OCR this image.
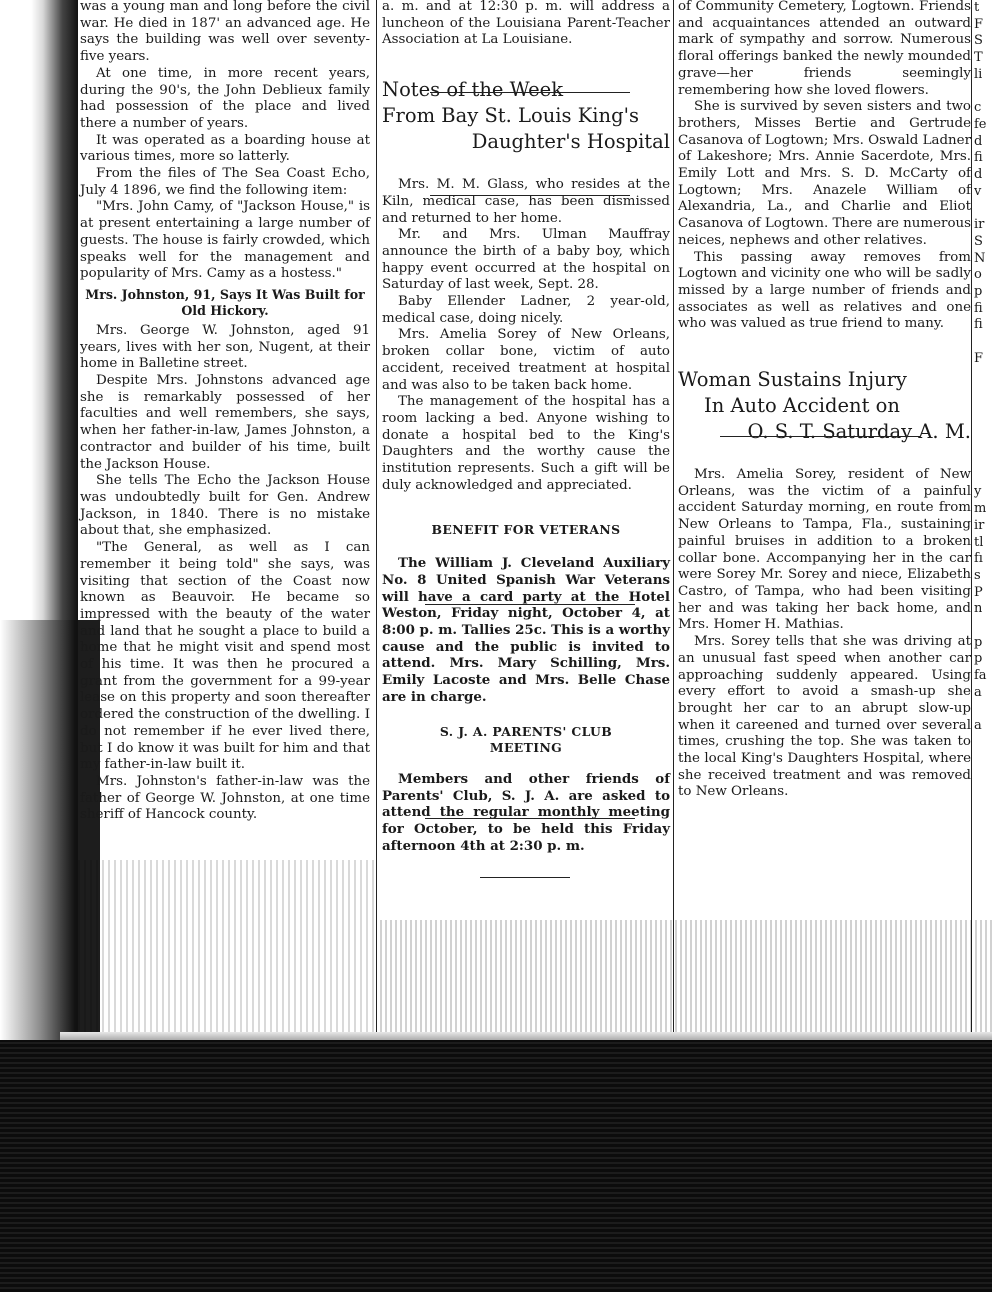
was a young man and long before the civil war. He died in 187' an advanced age. He says the building was well over seventy-five years.

At one time, in more recent years, during the 90's, the John Deblieux family had possession of the place and lived there a number of years.

It was operated as a boarding house at various times, more so latterly.

From the files of The Sea Coast Echo, July 4 1896, we find the following item:

"Mrs. John Camy, of "Jackson House," is at present entertaining a large number of guests. The house is fairly crowded, which speaks well for the management and popularity of Mrs. Camy as a hostess."

Mrs. Johnston, 91, Says It Was Built for Old Hickory.

Mrs. George W. Johnston, aged 91 years, lives with her son, Nugent, at their home in Balletine street.

Despite Mrs. Johnstons advanced age she is remarkably possessed of her faculties and well remembers, she says, when her father-in-law, James Johnston, a contractor and builder of his time, built the Jackson House.

She tells The Echo the Jackson House was undoubtedly built for Gen. Andrew Jackson, in 1840. There is no mistake about that, she emphasized.

"The General, as well as I can remember it being told" she says, was visiting that section of the Coast now known as Beauvoir. He became so impressed with the beauty of the water and land that he sought a place to build a home that he might visit and spend most of his time. It was then he procured a grant from the government for a 99-year lease on this property and soon thereafter ordered the construction of the dwelling. I do not remember if he ever lived there, but I do know it was built for him and that my father-in-law built it.

Mrs. Johnston's father-in-law was the father of George W. Johnston, at one time sheriff of Hancock county.

a. m. and at 12:30 p. m. will address a luncheon of the Louisiana Parent-Teacher Association at La Louisiane.

Notes of the Week
From Bay St. Louis King's
Daughter's Hospital

Mrs. M. M. Glass, who resides at the Kiln, medical case, has been dismissed and returned to her home.

Mr. and Mrs. Ulman Mauffray announce the birth of a baby boy, which happy event occurred at the hospital on Saturday of last week, Sept. 28.

Baby Ellender Ladner, 2 year-old, medical case, doing nicely.

Mrs. Amelia Sorey of New Orleans, broken collar bone, victim of auto accident, received treatment at hospital and was also to be taken back home.

The management of the hospital has a room lacking a bed. Anyone wishing to donate a hospital bed to the King's Daughters and the worthy cause the institution represents. Such a gift will be duly acknowledged and appreciated.

BENEFIT FOR VETERANS

The William J. Cleveland Auxiliary No. 8 United Spanish War Veterans will have a card party at the Hotel Weston, Friday night, October 4, at 8:00 p. m. Tallies 25c. This is a worthy cause and the public is invited to attend. Mrs. Mary Schilling, Mrs. Emily Lacoste and Mrs. Belle Chase are in charge.

S. J. A. PARENTS' CLUB
MEETING

Members and other friends of Parents' Club, S. J. A. are asked to attend the regular monthly meeting for October, to be held this Friday afternoon 4th at 2:30 p. m.

of Community Cemetery, Logtown. Friends and acquaintances attended an outward mark of sympathy and sorrow. Numerous floral offerings banked the newly mounded grave—her friends seemingly remembering how she loved flowers.

She is survived by seven sisters and two brothers, Misses Bertie and Gertrude Casanova of Logtown; Mrs. Oswald Ladner of Lakeshore; Mrs. Annie Sacerdote, Mrs. Emily Lott and Mrs. S. D. McCarty of Logtown; Mrs. Anazele William of Alexandria, La., and Charlie and Eliot Casanova of Logtown. There are numerous neices, nephews and other relatives.

This passing away removes from Logtown and vicinity one who will be sadly missed by a large number of friends and associates as well as relatives and one who was valued as true friend to many.

Woman Sustains Injury
In Auto Accident on
O. S. T. Saturday A. M.

Mrs. Amelia Sorey, resident of New Orleans, was the victim of a painful accident Saturday morning, en route from New Orleans to Tampa, Fla., sustaining painful bruises in addition to a broken collar bone. Accompanying her in the car were Sorey Mr. Sorey and niece, Elizabeth Castro, of Tampa, who had been visiting her and was taking her back home, and Mrs. Homer H. Mathias.

Mrs. Sorey tells that she was driving at an unusual fast speed when another car approaching suddenly appeared. Using every effort to avoid a smash-up she brought her car to an abrupt slow-up when it careened and turned over several times, crushing the top. She was taken to the local King's Daughters Hospital, where she received treatment and was removed to New Orleans.

t
F
S
T
li

c
fe
d
fi
d
v

ir
S
N
o
p
fi
fi

F

y
m
ir
tl
fı
s
P
n

p
p
fa
a

a
